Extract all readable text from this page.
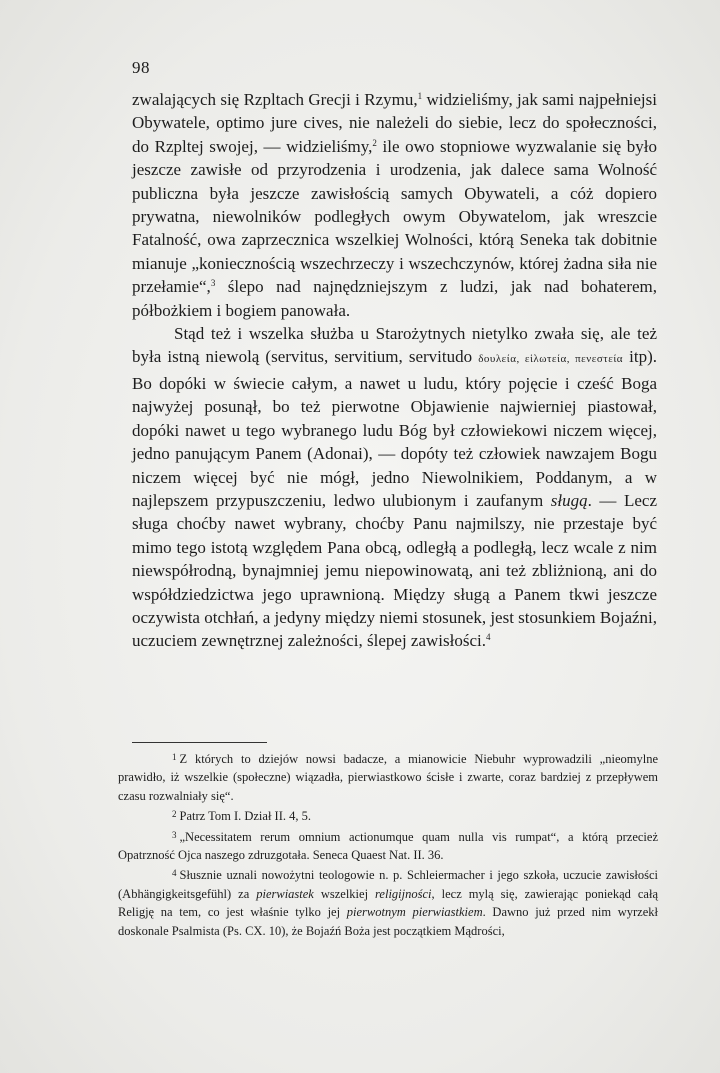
98

zwalających się Rzpltach Grecji i Rzymu,$^1$ widzieliśmy, jak sami najpełniejsi Obywatele, optimo jure cives, nie należeli do siebie, lecz do społeczności, do Rzpltej swojej, — widzieliśmy,$^2$ ile owo stopniowe wyzwalanie się było jeszcze zawisłe od przyrodzenia i urodzenia, jak dalece sama Wolność publiczna była jeszcze zawisłością samych Obywateli, a cóż dopiero prywatna, niewolników podległych owym Obywatelom, jak wreszcie Fatalność, owa zaprzecznica wszelkiej Wolności, którą Seneka tak dobitnie mianuje „koniecznością wszechrzeczy i wszechczynów, której żadna siła nie przełamie“,$^3$ ślepo nad najnędzniejszym z ludzi, jak nad bohaterem, półbożkiem i bogiem panowała.

Stąd też i wszelka służba u Starożytnych nietylko zwała się, ale też była istną niewolą (servitus, servitium, servitudo δουλεία, εἱλωτεία, πενεστεία itp). Bo dopóki w świecie całym, a nawet u ludu, który pojęcie i cześć Boga najwyżej posunął, bo też pierwotne Objawienie najwierniej piastował, dopóki nawet u tego wybranego ludu Bóg był człowiekowi niczem więcej, jedno panującym Panem (Adonai), — dopóty też człowiek nawzajem Bogu niczem więcej być nie mógł, jedno Niewolnikiem, Poddanym, a w najlepszem przypuszczeniu, ledwo ulubionym i zaufanym sługą. — Lecz sługa choćby nawet wybrany, choćby Panu najmilszy, nie przestaje być mimo tego istotą względem Pana obcą, odległą a podległą, lecz wcale z nim niewspółrodną, bynajmniej jemu niepowinowatą, ani też zbliżnioną, ani do współdziedzictwa jego uprawnioną. Między sługą a Panem tkwi jeszcze oczywista otchłań, a jedyny między niemi stosunek, jest stosunkiem Bojaźni, uczuciem zewnętrznej zależności, ślepej zawisłości.$^4$

$^1$ Z których to dziejów nowsi badacze, a mianowicie Niebuhr wyprowadzili „nieomylne prawidło, iż wszelkie (społeczne) wiązadła, pierwiastkowo ścisłe i zwarte, coraz bardziej z przepływem czasu rozwalniały się“.

$^2$ Patrz Tom I. Dział II. 4, 5.

$^3$ „Necessitatem rerum omnium actionumque quam nulla vis rumpat“, a którą przecież Opatrzność Ojca naszego zdruzgotała. Seneca Quaest Nat. II. 36.

$^4$ Słusznie uznali nowożytni teologowie n. p. Schleiermacher i jego szkoła, uczucie zawisłości (Abhängigkeitsgefühl) za pierwiastek wszelkiej religijności, lecz mylą się, zawierając poniekąd całą Religję na tem, co jest właśnie tylko jej pierwotnym pierwiastkiem. Dawno już przed nim wyrzekł doskonale Psalmista (Ps. CX. 10), że Bojaźń Boża jest początkiem Mądrości,
